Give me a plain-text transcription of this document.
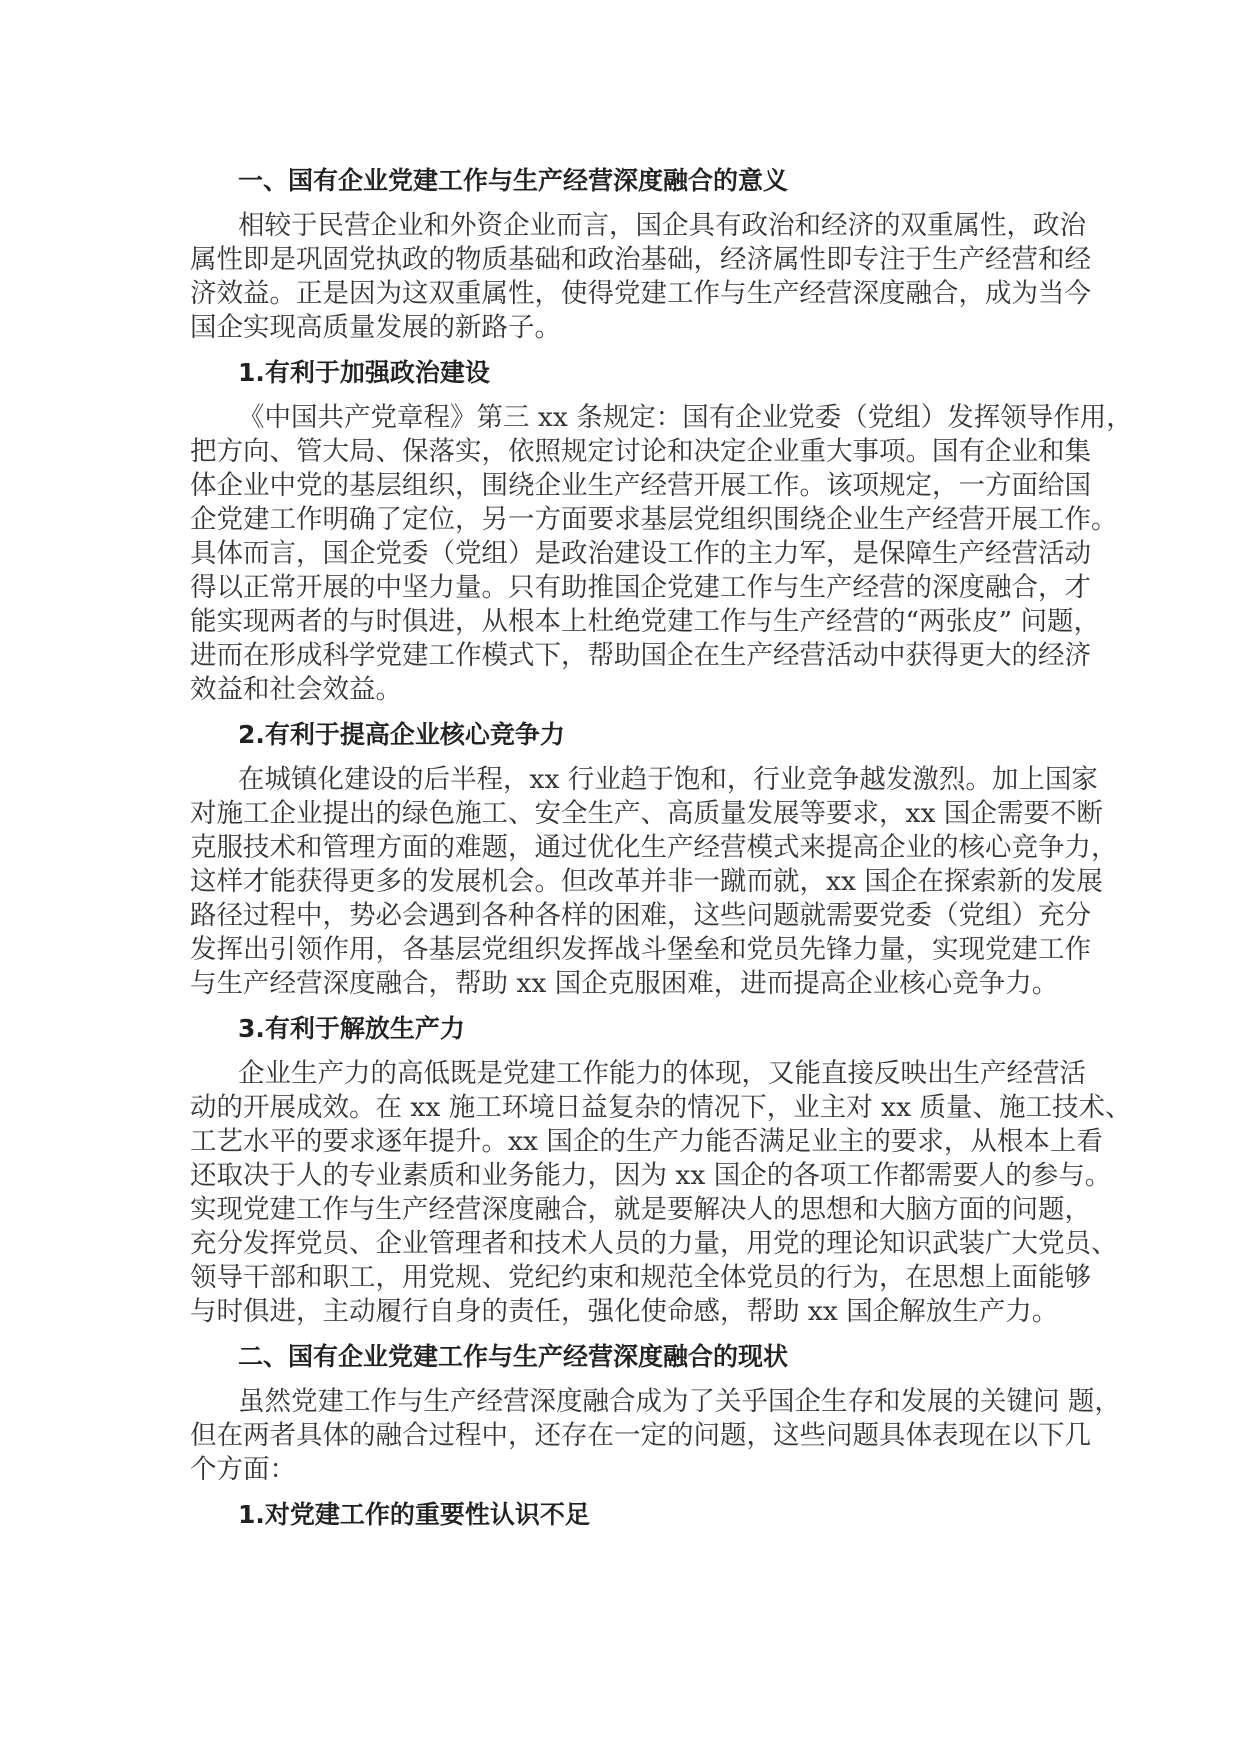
一、国有企业党建工作与生产经营深度融合的意义
相较于民营企业和外资企业而言，国企具有政治和经济的双重属性，政治
属性即是巩固党执政的物质基础和政治基础，经济属性即专注于生产经营和经
济效益。正是因为这双重属性，使得党建工作与生产经营深度融合，成为当今
国企实现高质量发展的新路子。
1.有利于加强政治建设
《中国共产党章程》第三 xx 条规定：国有企业党委（党组）发挥领导作用，
把方向、管大局、保落实，依照规定讨论和决定企业重大事项。国有企业和集
体企业中党的基层组织，围绕企业生产经营开展工作。该项规定，一方面给国
企党建工作明确了定位，另一方面要求基层党组织围绕企业生产经营开展工作。
具体而言，国企党委（党组）是政治建设工作的主力军，是保障生产经营活动
得以正常开展的中坚力量。只有助推国企党建工作与生产经营的深度融合，才
能实现两者的与时俱进，从根本上杜绝党建工作与生产经营的“两张皮” 问题，
进而在形成科学党建工作模式下，帮助国企在生产经营活动中获得更大的经济
效益和社会效益。
2.有利于提高企业核心竞争力
在城镇化建设的后半程，xx 行业趋于饱和，行业竞争越发激烈。加上国家
对施工企业提出的绿色施工、安全生产、高质量发展等要求，xx 国企需要不断
克服技术和管理方面的难题，通过优化生产经营模式来提高企业的核心竞争力，
这样才能获得更多的发展机会。但改革并非一蹴而就，xx 国企在探索新的发展
路径过程中，势必会遇到各种各样的困难，这些问题就需要党委（党组）充分
发挥出引领作用，各基层党组织发挥战斗堡垒和党员先锋力量，实现党建工作
与生产经营深度融合，帮助 xx 国企克服困难，进而提高企业核心竞争力。
3.有利于解放生产力
企业生产力的高低既是党建工作能力的体现，又能直接反映出生产经营活
动的开展成效。在 xx 施工环境日益复杂的情况下，业主对 xx 质量、施工技术、
工艺水平的要求逐年提升。xx 国企的生产力能否满足业主的要求，从根本上看
还取决于人的专业素质和业务能力，因为 xx 国企的各项工作都需要人的参与。
实现党建工作与生产经营深度融合，就是要解决人的思想和大脑方面的问题，
充分发挥党员、企业管理者和技术人员的力量，用党的理论知识武装广大党员、
领导干部和职工，用党规、党纪约束和规范全体党员的行为，在思想上面能够
与时俱进，主动履行自身的责任，强化使命感，帮助 xx 国企解放生产力。
二、国有企业党建工作与生产经营深度融合的现状
虽然党建工作与生产经营深度融合成为了关乎国企生存和发展的关键问 题，
但在两者具体的融合过程中，还存在一定的问题，这些问题具体表现在以下几
个方面：
1.对党建工作的重要性认识不足
